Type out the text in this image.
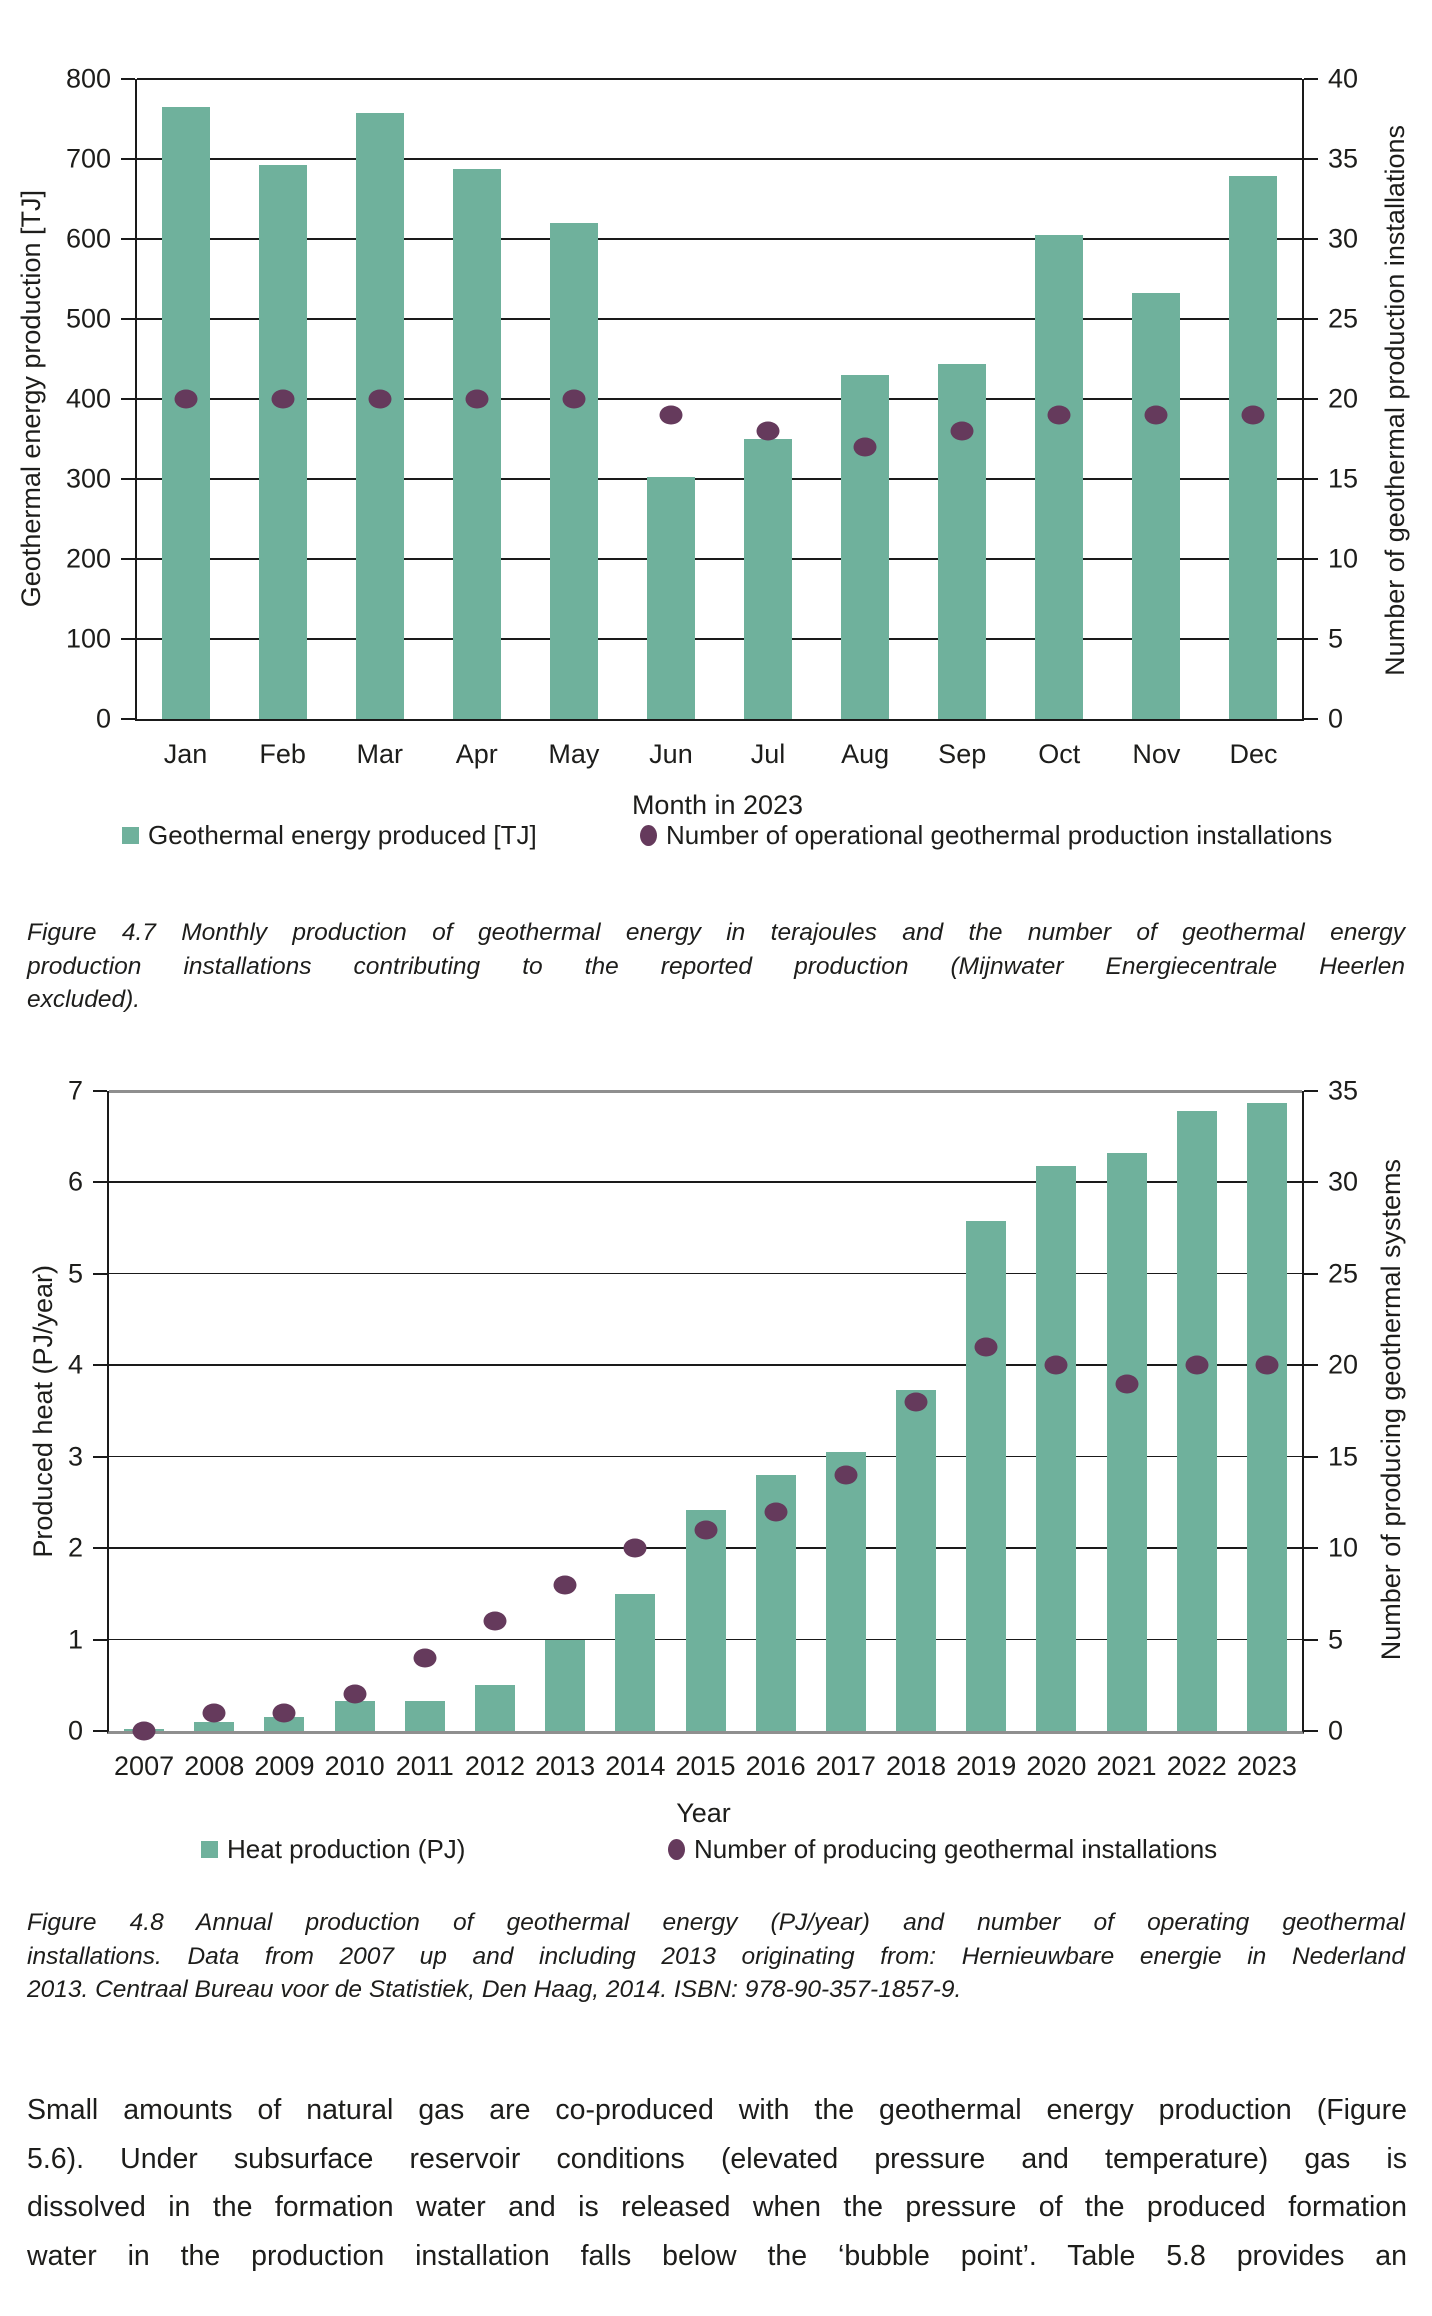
Geothermal energy production [TJ]	Number of geothermal production installations
800	40
700	35
600	30
500	25
400	20
300	15
200	10
100	5
0	0
Jan Feb Mar Apr May Jun Jul Aug Sep Oct Nov Dec
Month in 2023
Geothermal energy produced [TJ]	Number of operational geothermal production installations
Figure 4.7 Monthly production of geothermal energy in terajoules and the number of geothermal energy
production installations contributing to the reported production (Mijnwater Energiecentrale Heerlen
excluded).
Produced heat (PJ/year)	Number of producing geothermal systems
7	35
6	30
5	25
4	20
3	15
2	10
1	5
0	0
2007 2008 2009 2010 2011 2012 2013 2014 2015 2016 2017 2018 2019 2020 2021 2022 2023
Year
Heat production (PJ)	Number of producing geothermal installations
Figure 4.8 Annual production of geothermal energy (PJ/year) and number of operating geothermal
installations. Data from 2007 up and including 2013 originating from: Hernieuwbare energie in Nederland
2013. Centraal Bureau voor de Statistiek, Den Haag, 2014. ISBN: 978-90-357-1857-9.
Small amounts of natural gas are co-produced with the geothermal energy production (Figure
5.6). Under subsurface reservoir conditions (elevated pressure and temperature) gas is
dissolved in the formation water and is released when the pressure of the produced formation
water in the production installation falls below the ‘bubble point’. Table 5.8 provides an
